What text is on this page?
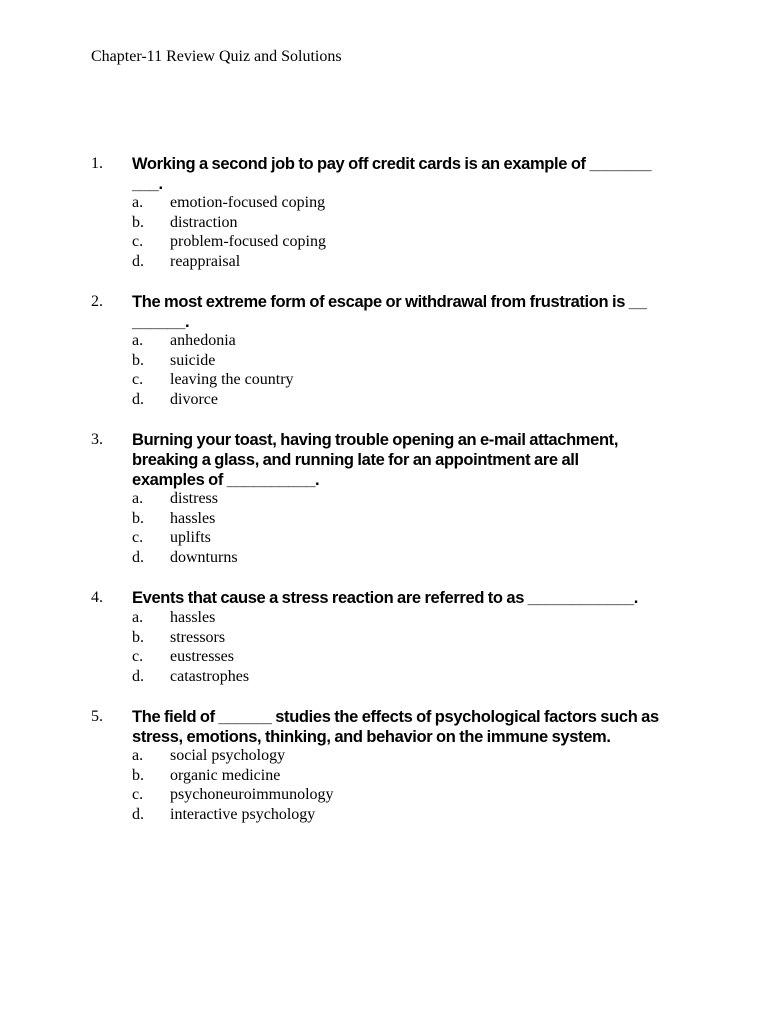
Chapter-11 Review Quiz and Solutions
1. Working a second job to pay off credit cards is an example of _______
___.
a. emotion-focused coping
b. distraction
c. problem-focused coping
d. reappraisal
2. The most extreme form of escape or withdrawal from frustration is __
______.
a. anhedonia
b. suicide
c. leaving the country
d. divorce
3. Burning your toast, having trouble opening an e-mail attachment,
breaking a glass, and running late for an appointment are all
examples of __________.
a. distress
b. hassles
c. uplifts
d. downturns
4. Events that cause a stress reaction are referred to as ____________.
a. hassles
b. stressors
c. eustresses
d. catastrophes
5. The field of ______ studies the effects of psychological factors such as
stress, emotions, thinking, and behavior on the immune system.
a. social psychology
b. organic medicine
c. psychoneuroimmunology
d. interactive psychology
